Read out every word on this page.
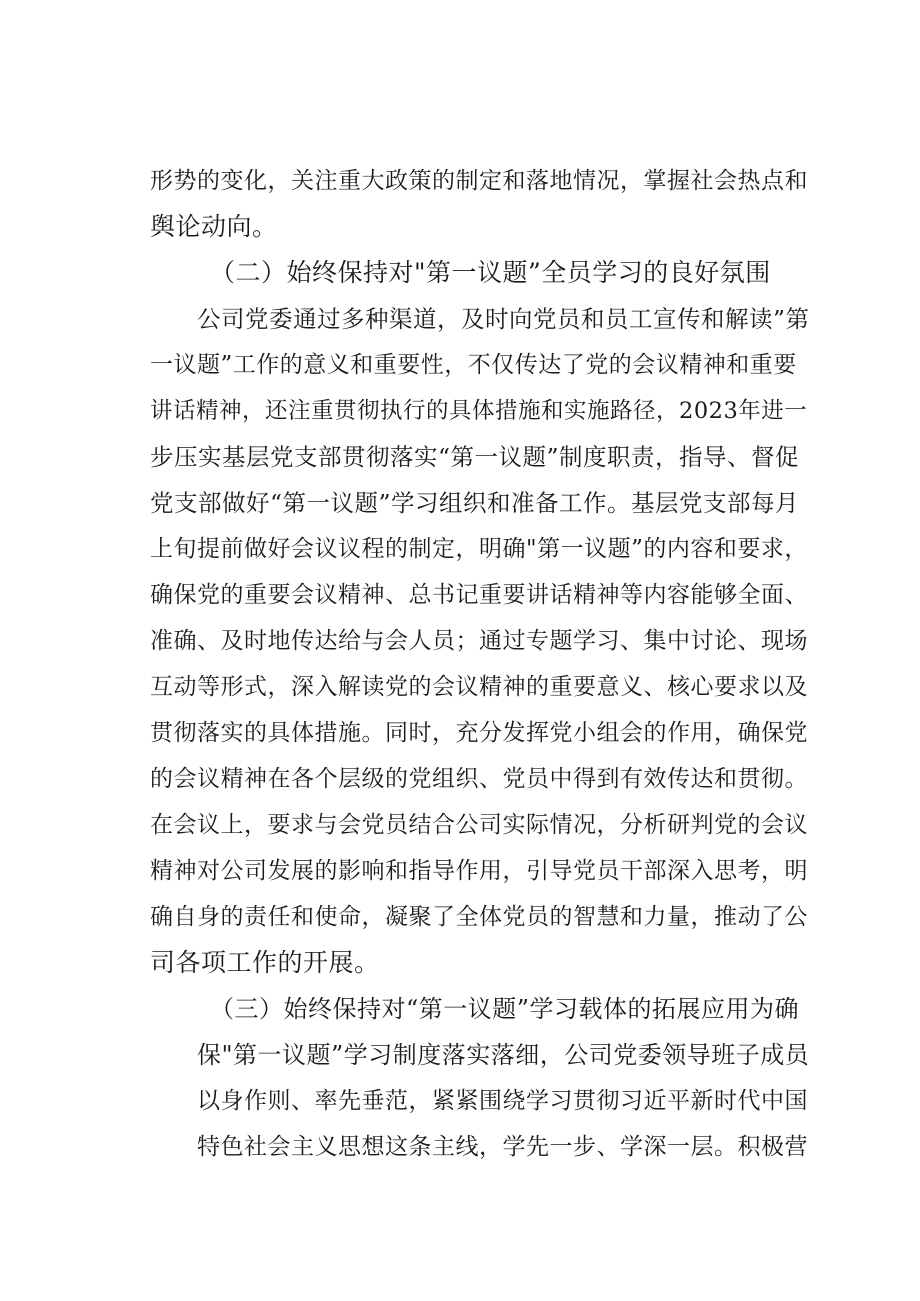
形势的变化，关注重大政策的制定和落地情况，掌握社会热点和
舆论动向。
（二）始终保持对"第一议题”全员学习的良好氛围
公司党委通过多种渠道，及时向党员和员工宣传和解读”第
一议题”工作的意义和重要性，不仅传达了党的会议精神和重要
讲话精神，还注重贯彻执行的具体措施和实施路径，2023年进一
步压实基层党支部贯彻落实“第一议题”制度职责，指导、督促
党支部做好“第一议题”学习组织和准备工作。基层党支部每月
上旬提前做好会议议程的制定，明确"第一议题”的内容和要求，
确保党的重要会议精神、总书记重要讲话精神等内容能够全面、
准确、及时地传达给与会人员；通过专题学习、集中讨论、现场
互动等形式，深入解读党的会议精神的重要意义、核心要求以及
贯彻落实的具体措施。同时，充分发挥党小组会的作用，确保党
的会议精神在各个层级的党组织、党员中得到有效传达和贯彻。
在会议上，要求与会党员结合公司实际情况，分析研判党的会议
精神对公司发展的影响和指导作用，引导党员干部深入思考，明
确自身的责任和使命，凝聚了全体党员的智慧和力量，推动了公
司各项工作的开展。
（三）始终保持对“第一议题”学习载体的拓展应用为确
保"第一议题”学习制度落实落细，公司党委领导班子成员
以身作则、率先垂范，紧紧围绕学习贯彻习近平新时代中国
特色社会主义思想这条主线，学先一步、学深一层。积极营
